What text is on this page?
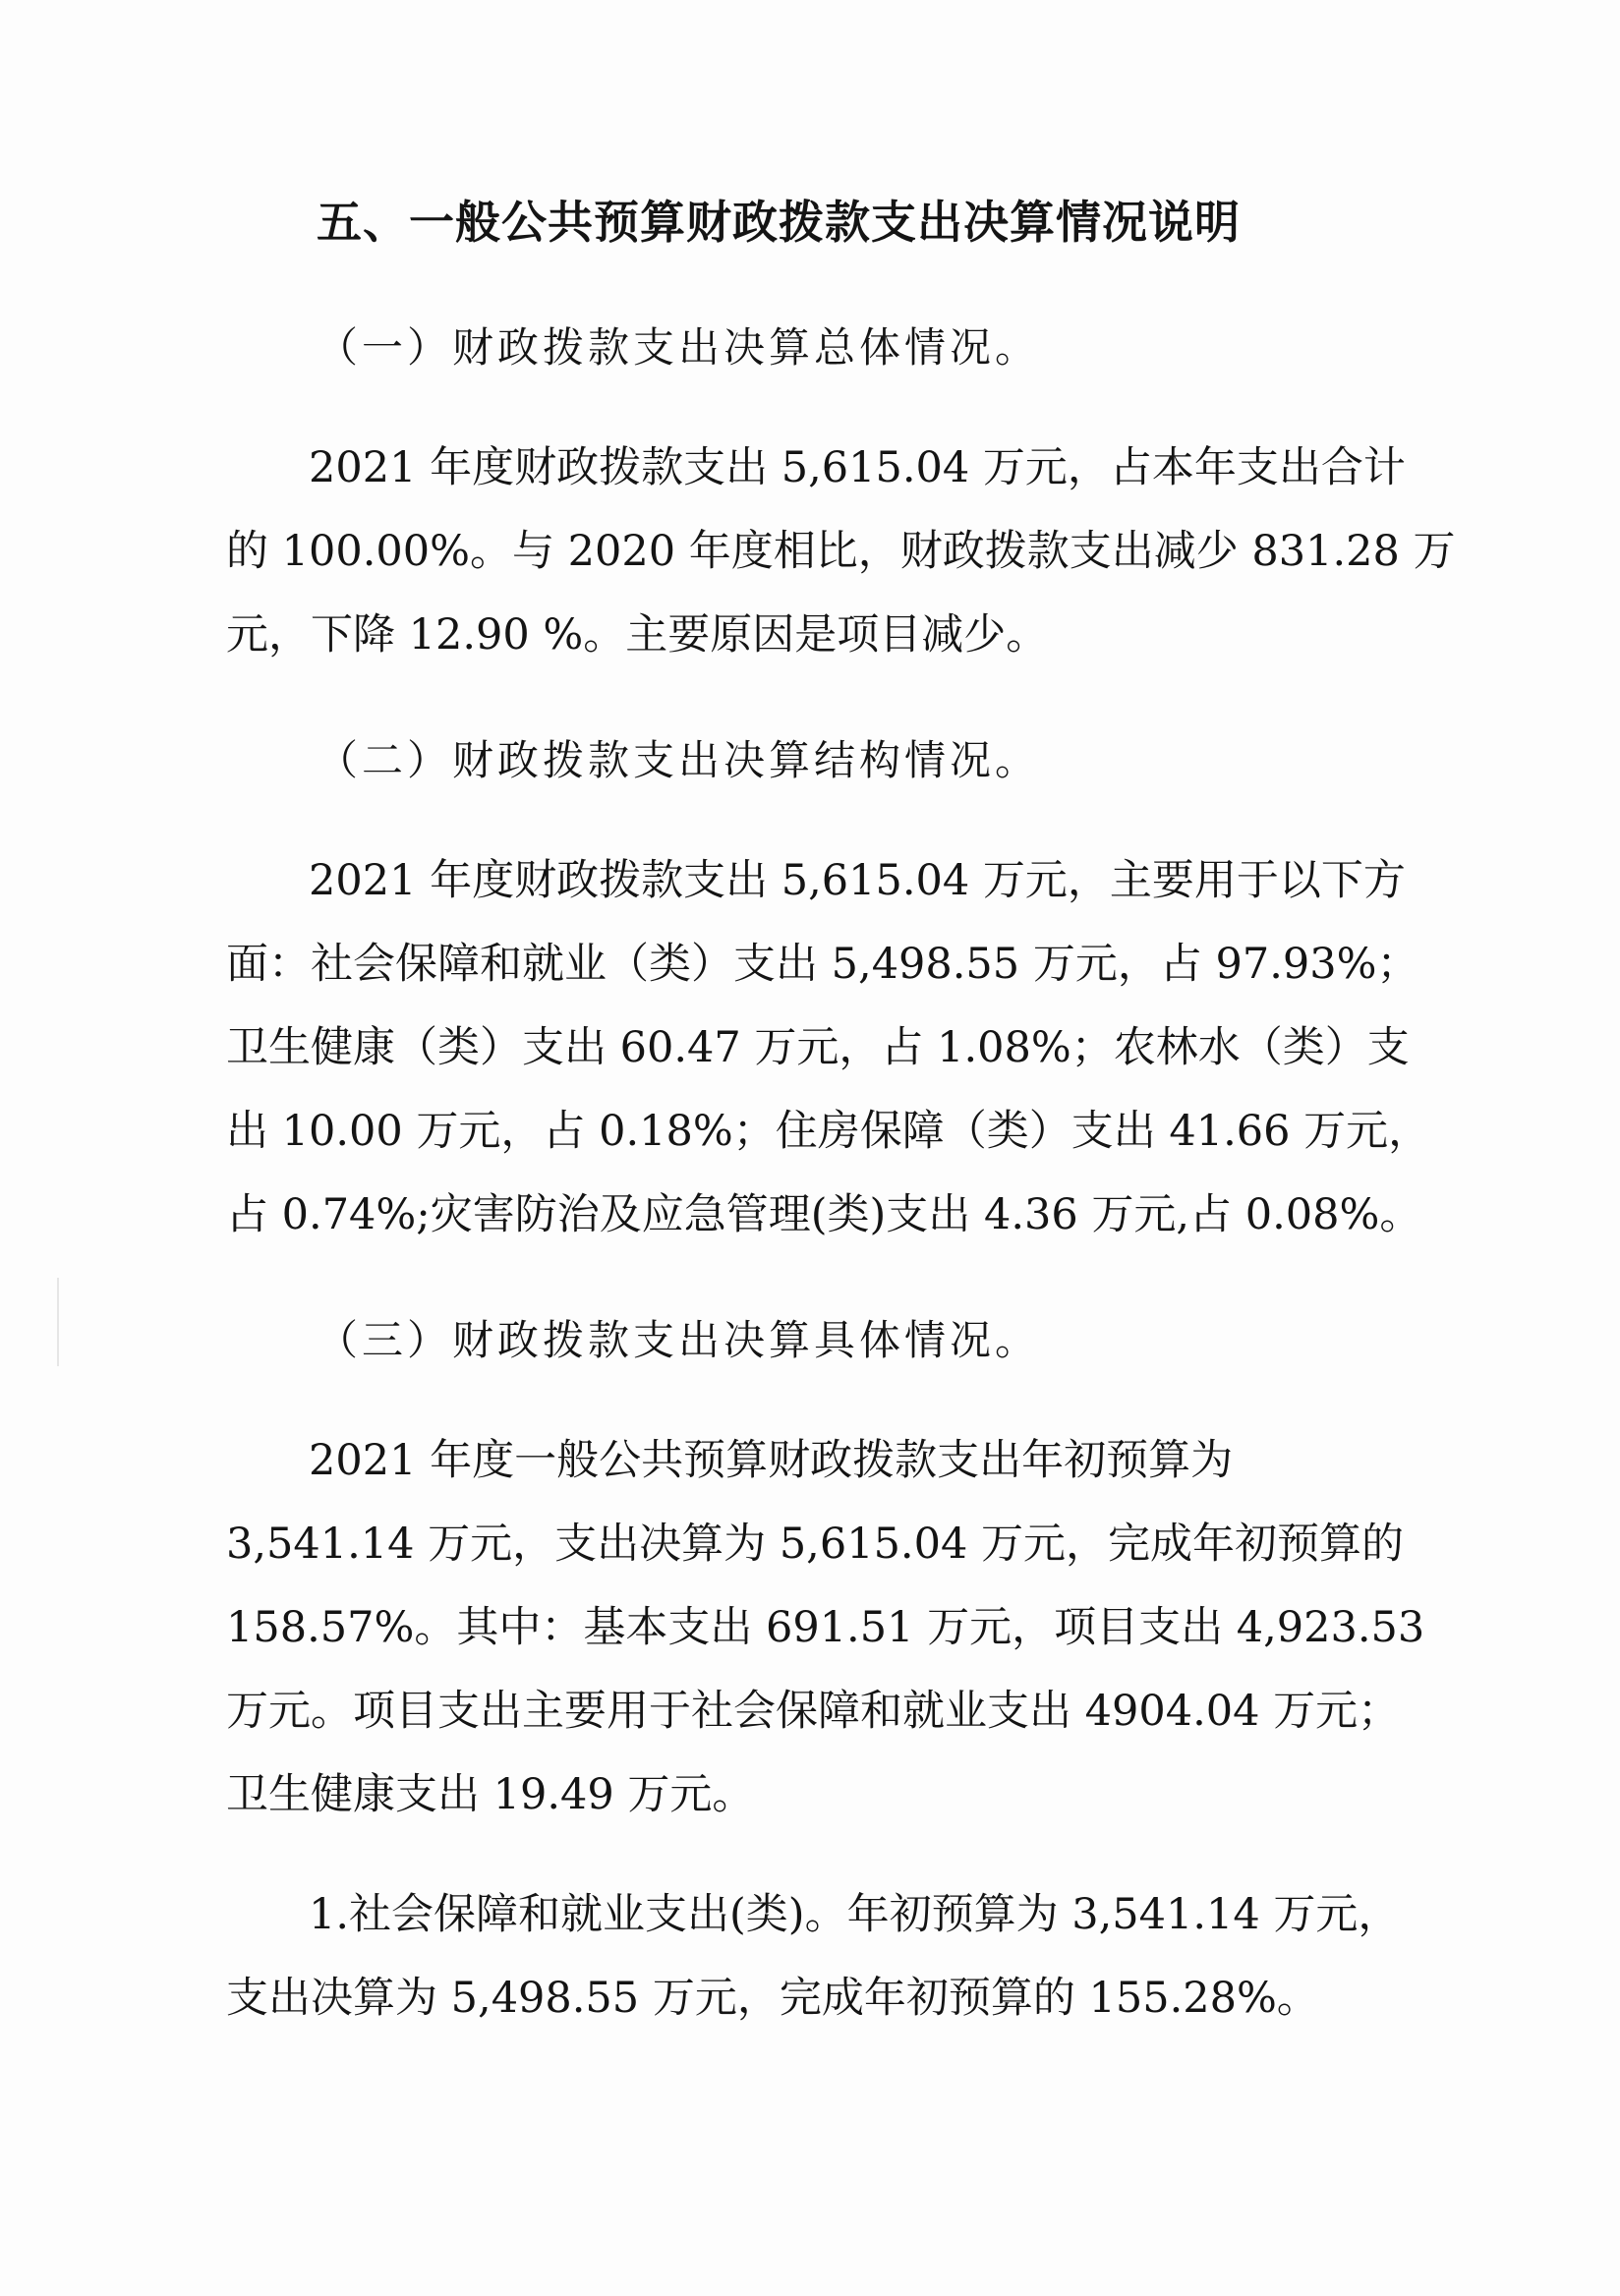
五、一般公共预算财政拨款支出决算情况说明
（一）财政拨款支出决算总体情况。
2021 年度财政拨款支出 5,615.04 万元，占本年支出合计
的 100.00%。与 2020 年度相比，财政拨款支出减少 831.28 万
元，下降 12.90 %。主要原因是项目减少。
（二）财政拨款支出决算结构情况。
2021 年度财政拨款支出 5,615.04 万元，主要用于以下方
面：社会保障和就业（类）支出 5,498.55 万元，占 97.93%；
卫生健康（类）支出 60.47 万元，占 1.08%；农林水（类）支
出 10.00 万元，占 0.18%；住房保障（类）支出 41.66 万元，
占 0.74%;灾害防治及应急管理(类)支出 4.36 万元,占 0.08%。
（三）财政拨款支出决算具体情况。
2021 年度一般公共预算财政拨款支出年初预算为
3,541.14 万元，支出决算为 5,615.04 万元，完成年初预算的
158.57%。其中：基本支出 691.51 万元，项目支出 4,923.53
万元。项目支出主要用于社会保障和就业支出 4904.04 万元；
卫生健康支出 19.49 万元。
1.社会保障和就业支出(类)。年初预算为 3,541.14 万元，
支出决算为 5,498.55 万元，完成年初预算的 155.28%。
